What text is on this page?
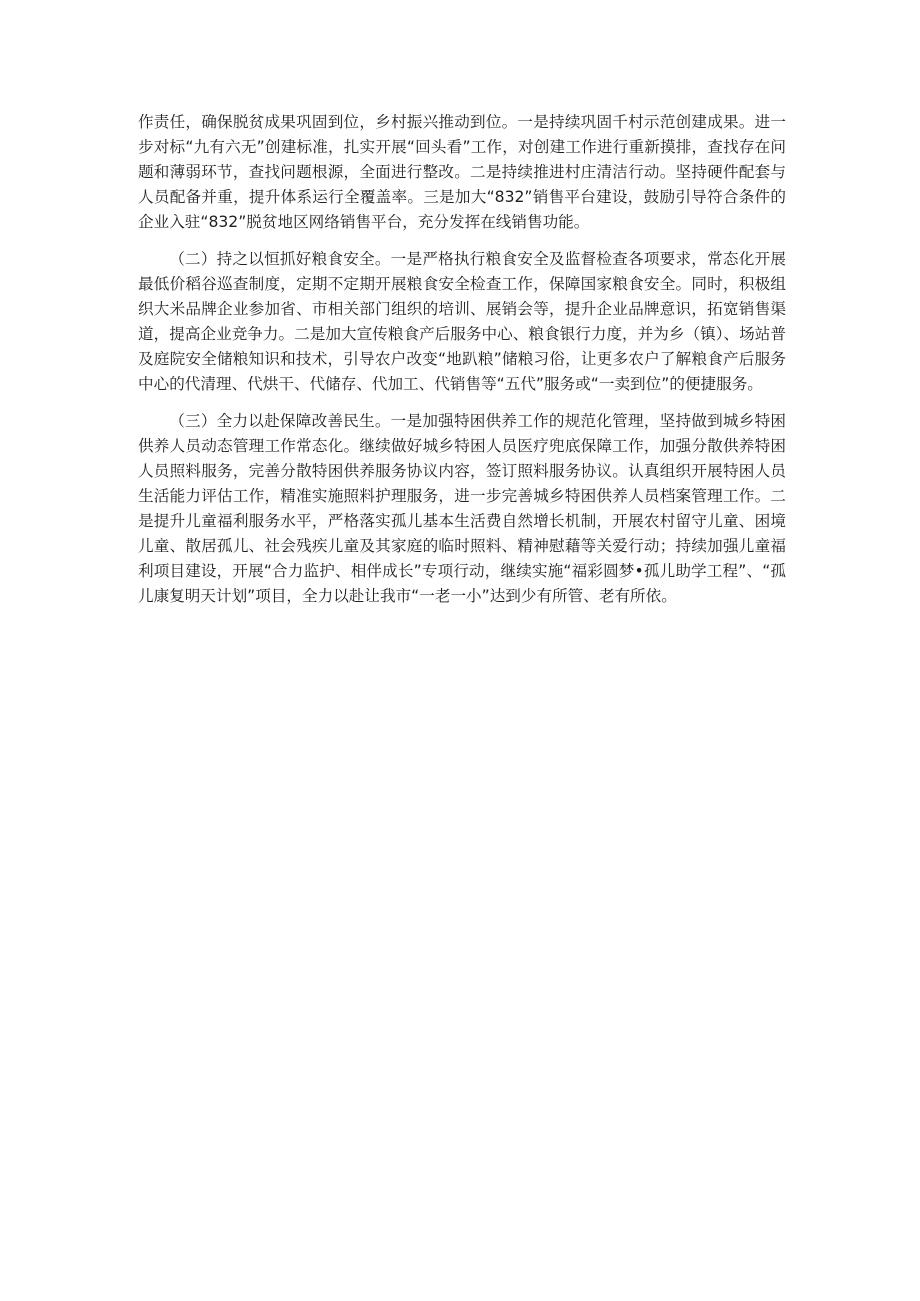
作责任，确保脱贫成果巩固到位，乡村振兴推动到位。一是持续巩固千村示范创建成果。进一步对标“九有六无”创建标准，扎实开展“回头看”工作，对创建工作进行重新摸排，查找存在问题和薄弱环节，查找问题根源，全面进行整改。二是持续推进村庄清洁行动。坚持硬件配套与人员配备并重，提升体系运行全覆盖率。三是加大“832”销售平台建设，鼓励引导符合条件的企业入驻“832”脱贫地区网络销售平台，充分发挥在线销售功能。

（二）持之以恒抓好粮食安全。一是严格执行粮食安全及监督检查各项要求，常态化开展最低价稻谷巡查制度，定期不定期开展粮食安全检查工作，保障国家粮食安全。同时，积极组织大米品牌企业参加省、市相关部门组织的培训、展销会等，提升企业品牌意识，拓宽销售渠道，提高企业竞争力。二是加大宣传粮食产后服务中心、粮食银行力度，并为乡（镇）、场站普及庭院安全储粮知识和技术，引导农户改变“地趴粮”储粮习俗，让更多农户了解粮食产后服务中心的代清理、代烘干、代储存、代加工、代销售等“五代”服务或“一卖到位”的便捷服务。

（三）全力以赴保障改善民生。一是加强特困供养工作的规范化管理，坚持做到城乡特困供养人员动态管理工作常态化。继续做好城乡特困人员医疗兜底保障工作，加强分散供养特困人员照料服务，完善分散特困供养服务协议内容，签订照料服务协议。认真组织开展特困人员生活能力评估工作，精准实施照料护理服务，进一步完善城乡特困供养人员档案管理工作。二是提升儿童福利服务水平，严格落实孤儿基本生活费自然增长机制，开展农村留守儿童、困境儿童、散居孤儿、社会残疾儿童及其家庭的临时照料、精神慰藉等关爱行动；持续加强儿童福利项目建设，开展“合力监护、相伴成长”专项行动，继续实施“福彩圆梦•孤儿助学工程”、“孤儿康复明天计划”项目，全力以赴让我市“一老一小”达到少有所管、老有所依。
